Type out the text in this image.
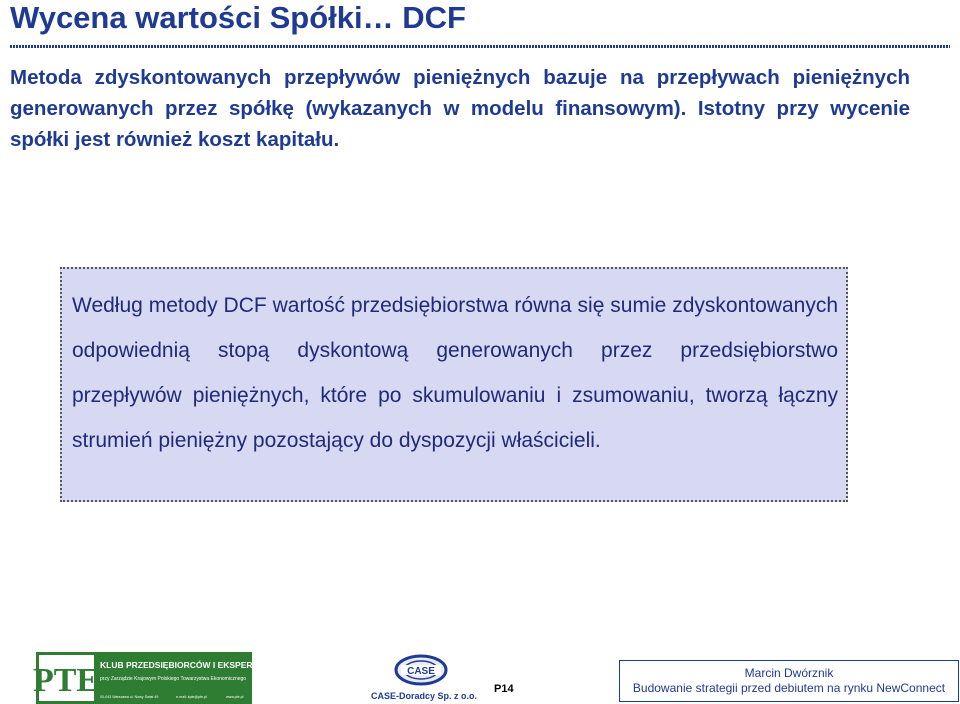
Wycena wartości Spółki… DCF
Metoda zdyskontowanych przepływów pieniężnych bazuje na przepływach pieniężnych generowanych przez spółkę (wykazanych w modelu finansowym). Istotny przy wycenie spółki jest również koszt kapitału.
Według metody DCF wartość przedsiębiorstwa równa się sumie zdyskontowanych odpowiednią stopą dyskontową generowanych przez przedsiębiorstwo przepływów pieniężnych, które po skumulowaniu i zsumowaniu, tworzą łączny strumień pieniężny pozostający do dyspozycji właścicieli.
PTE KLUB PRZEDSIĘBIORCÓW I EKSPERTÓW
przy Zarządzie Krajowym Polskiego Towarzystwa Ekonomicznego
00-043 Warszawa ul. Nowy Świat 49	e-mail: kpie@pte.pl	www.pte.pl
CASE
CASE-Doradcy Sp. z o.o.
P14
Marcin Dwórznik
Budowanie strategii przed debiutem na rynku NewConnect
